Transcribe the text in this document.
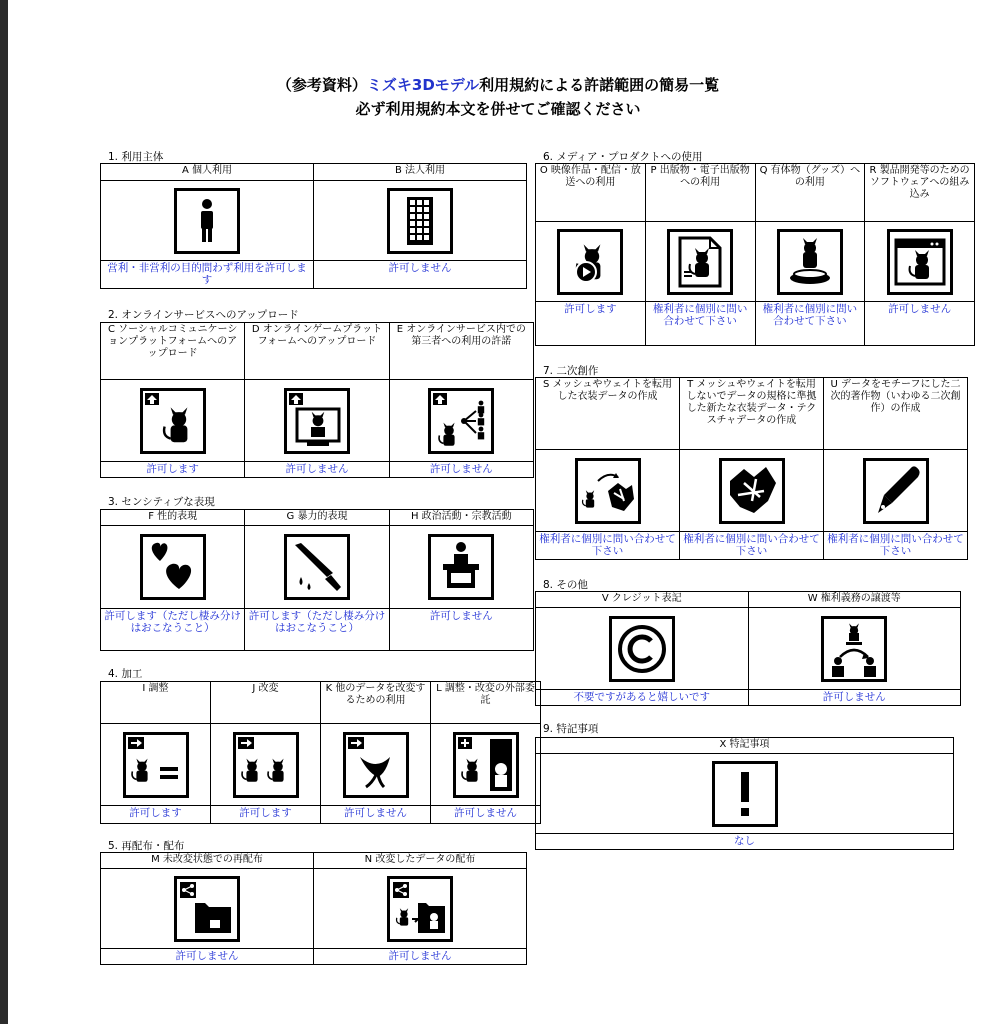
（参考資料）ミズキ3Dモデル利用規約による許諾範囲の簡易一覧
必ず利用規約本文を併せてご確認ください
1. 利用主体
A 個人利用	B 法人利用

営利・非営利の目的問わず利用を許可します	許可しません
2. オンラインサービスへのアップロード
C ソーシャルコミュニケーションプラットフォームへのアップロード	D オンラインゲームプラットフォームへのアップロード	E オンラインサービス内での第三者への利用の許諾

許可します	許可しません	許可しません
3. センシティブな表現
F 性的表現	G 暴力的表現	H 政治活動・宗教活動

許可します（ただし棲み分けはおこなうこと）	許可します（ただし棲み分けはおこなうこと）	許可しません
4. 加工
I 調整	J 改変	K 他のデータを改変するための利用	L 調整・改変の外部委託

許可します	許可します	許可しません	許可しません
5. 再配布・配布
M 未改変状態での再配布	N 改変したデータの配布

許可しません	許可しません
6. メディア・プロダクトへの使用
O 映像作品・配信・放送への利用	P 出版物・電子出版物への利用	Q 有体物（グッズ）への利用	R 製品開発等のためのソフトウェアへの組み込み

許可します	権利者に個別に問い合わせて下さい	権利者に個別に問い合わせて下さい	許可しません
7. 二次創作
S メッシュやウェイトを転用した衣装データの作成	T メッシュやウェイトを転用しないでデータの規格に準拠した新たな衣装データ・テクスチャデータの作成	U データをモチーフにした二次的著作物（いわゆる二次創作）の作成

権利者に個別に問い合わせて下さい	権利者に個別に問い合わせて下さい	権利者に個別に問い合わせて下さい
8. その他
V クレジット表記	W 権利義務の譲渡等

不要ですがあると嬉しいです	許可しません
9. 特記事項
X 特記事項

なし
